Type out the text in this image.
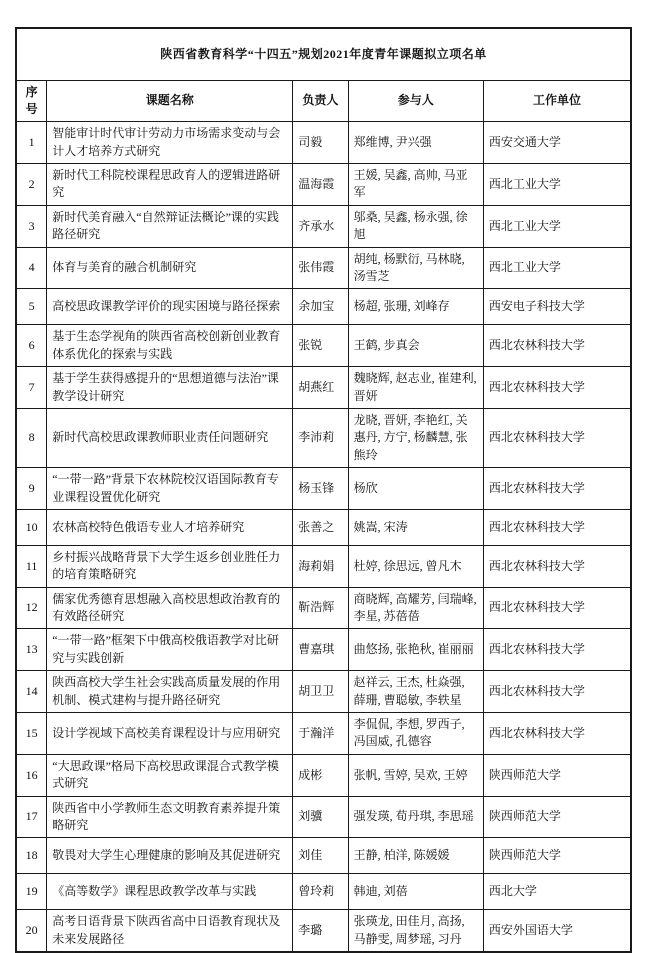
陕西省教育科学“十四五”规划2021年度青年课题拟立项名单				
序号	课题名称	负责人	参与人	工作单位
1	智能审计时代审计劳动力市场需求变动与会计人才培养方式研究	司毅	郑维博, 尹兴强	西安交通大学
2	新时代工科院校课程思政育人的逻辑进路研究	温海霞	王媛, 吴鑫, 高帅, 马亚军	西北工业大学
3	新时代美育融入“自然辩证法概论”课的实践路径研究	齐承水	邬桑, 吴鑫, 杨永强, 徐旭	西北工业大学
4	体育与美育的融合机制研究	张伟霞	胡纯, 杨默衍, 马林晓, 汤雪芝	西北工业大学
5	高校思政课教学评价的现实困境与路径探索	余加宝	杨超, 张珊, 刘峰存	西安电子科技大学
6	基于生态学视角的陕西省高校创新创业教育体系优化的探索与实践	张锐	王鹤, 步真会	西北农林科技大学
7	基于学生获得感提升的“思想道德与法治”课教学设计研究	胡燕红	魏晓辉, 赵志业, 崔建利, 晋妍	西北农林科技大学
8	新时代高校思政课教师职业责任问题研究	李沛莉	龙晓, 晋妍, 李艳红, 关惠丹, 方宁, 杨麟慧, 张熊玲	西北农林科技大学
9	“一带一路”背景下农林院校汉语国际教育专业课程设置优化研究	杨玉锋	杨欣	西北农林科技大学
10	农林高校特色俄语专业人才培养研究	张善之	姚嵩, 宋涛	西北农林科技大学
11	乡村振兴战略背景下大学生返乡创业胜任力的培育策略研究	海莉娟	杜婷, 徐思远, 曾凡木	西北农林科技大学
12	儒家优秀德育思想融入高校思想政治教育的有效路径研究	靳浩辉	商晓辉, 高耀芳, 闫瑞峰, 李星, 苏蓓蓓	西北农林科技大学
13	“一带一路”框架下中俄高校俄语教学对比研究与实践创新	曹嘉琪	曲悠扬, 张艳秋, 崔丽丽	西北农林科技大学
14	陕西高校大学生社会实践高质量发展的作用机制、模式建构与提升路径研究	胡卫卫	赵祥云, 王杰, 杜焱强, 薛珊, 曹聪敏, 李轶星	西北农林科技大学
15	设计学视域下高校美育课程设计与应用研究	于瀚洋	李侃侃, 李想, 罗西子, 冯国威, 孔德容	西北农林科技大学
16	“大思政课”格局下高校思政课混合式教学模式研究	成彬	张帆, 雪婷, 吴欢, 王婷	陕西师范大学
17	陕西省中小学教师生态文明教育素养提升策略研究	刘骥	强发瑛, 荀丹琪, 李思瑶	陕西师范大学
18	敬畏对大学生心理健康的影响及其促进研究	刘佳	王静, 柏洋, 陈媛媛	陕西师范大学
19	《高等数学》课程思政教学改革与实践	曾玲莉	韩迪, 刘蓓	西北大学
20	高考日语背景下陕西省高中日语教育现状及未来发展路径	李璐	张瑛龙, 田佳月, 高扬, 马静雯, 周梦瑶, 习丹	西安外国语大学
